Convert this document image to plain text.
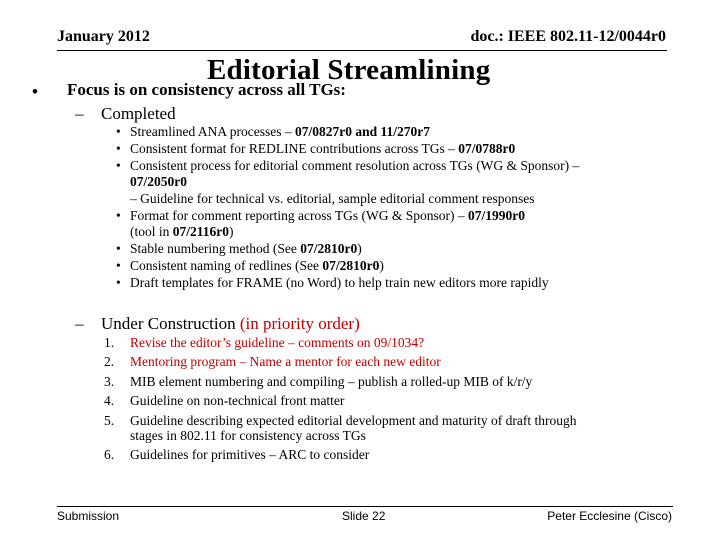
January 2012	doc.: IEEE 802.11-12/0044r0
Editorial Streamlining
• Focus is on consistency across all TGs:
– Completed
• Streamlined ANA processes – 07/0827r0 and 11/270r7
• Consistent format for REDLINE contributions across TGs – 07/0788r0
• Consistent process for editorial comment resolution across TGs (WG & Sponsor) –
07/2050r0
– Guideline for technical vs. editorial, sample editorial comment responses
• Format for comment reporting across TGs (WG & Sponsor) – 07/1990r0
(tool in 07/2116r0)
• Stable numbering method (See 07/2810r0)
• Consistent naming of redlines (See 07/2810r0)
• Draft templates for FRAME (no Word) to help train new editors more rapidly
– Under Construction (in priority order)
1. Revise the editor’s guideline – comments on 09/1034?
2. Mentoring program – Name a mentor for each new editor
3. MIB element numbering and compiling – publish a rolled-up MIB of k/r/y
4. Guideline on non-technical front matter
5. Guideline describing expected editorial development and maturity of draft through
stages in 802.11 for consistency across TGs
6. Guidelines for primitives – ARC to consider
Submission	Slide 22	Peter Ecclesine (Cisco)
